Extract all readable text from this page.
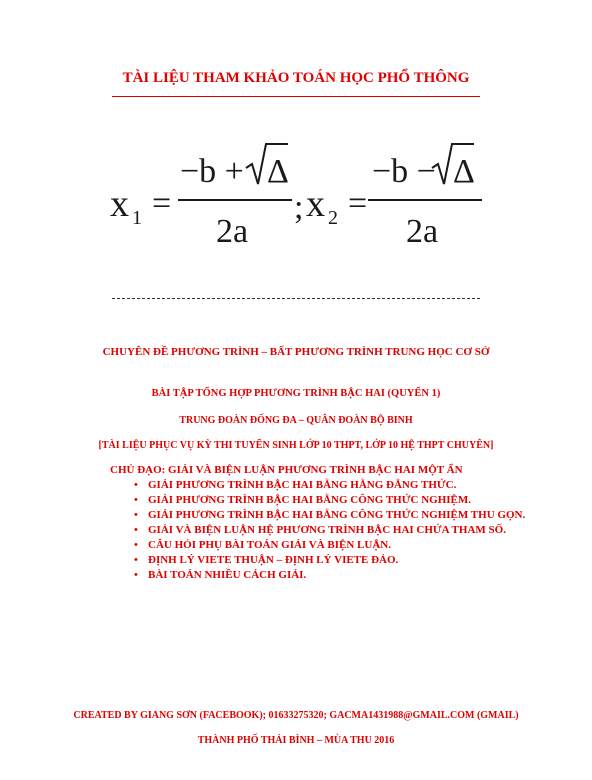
TÀI LIỆU THAM KHẢO TOÁN HỌC PHỔ THÔNG
x 1 =
−b + Δ
2a
; x 2 =
−b − Δ
2a
CHUYÊN ĐỀ PHƯƠNG TRÌNH – BẤT PHƯƠNG TRÌNH TRUNG HỌC CƠ SỞ
BÀI TẬP TỔNG HỢP PHƯƠNG TRÌNH BẬC HAI (QUYỂN 1)
TRUNG ĐOÀN ĐỐNG ĐA – QUÂN ĐOÀN BỘ BINH
[TÀI LIỆU PHỤC VỤ KỲ THI TUYỂN SINH LỚP 10 THPT, LỚP 10 HỆ THPT CHUYÊN]
CHỦ ĐẠO: GIẢI VÀ BIỆN LUẬN PHƯƠNG TRÌNH BẬC HAI MỘT ẨN
• GIẢI PHƯƠNG TRÌNH BẬC HAI BẰNG HẰNG ĐẲNG THỨC.
• GIẢI PHƯƠNG TRÌNH BẬC HAI BẰNG CÔNG THỨC NGHIỆM.
• GIẢI PHƯƠNG TRÌNH BẬC HAI BẰNG CÔNG THỨC NGHIỆM THU GỌN.
• GIẢI VÀ BIỆN LUẬN HỆ PHƯƠNG TRÌNH BẬC HAI CHỨA THAM SỐ.
• CÂU HỎI PHỤ BÀI TOÁN GIẢI VÀ BIỆN LUẬN.
• ĐỊNH LÝ VIETE THUẬN – ĐỊNH LÝ VIETE ĐẢO.
• BÀI TOÁN NHIỀU CÁCH GIẢI.
CREATED BY GIANG SƠN (FACEBOOK); 01633275320; GACMA1431988@GMAIL.COM (GMAIL)
THÀNH PHỐ THÁI BÌNH – MÙA THU 2016
